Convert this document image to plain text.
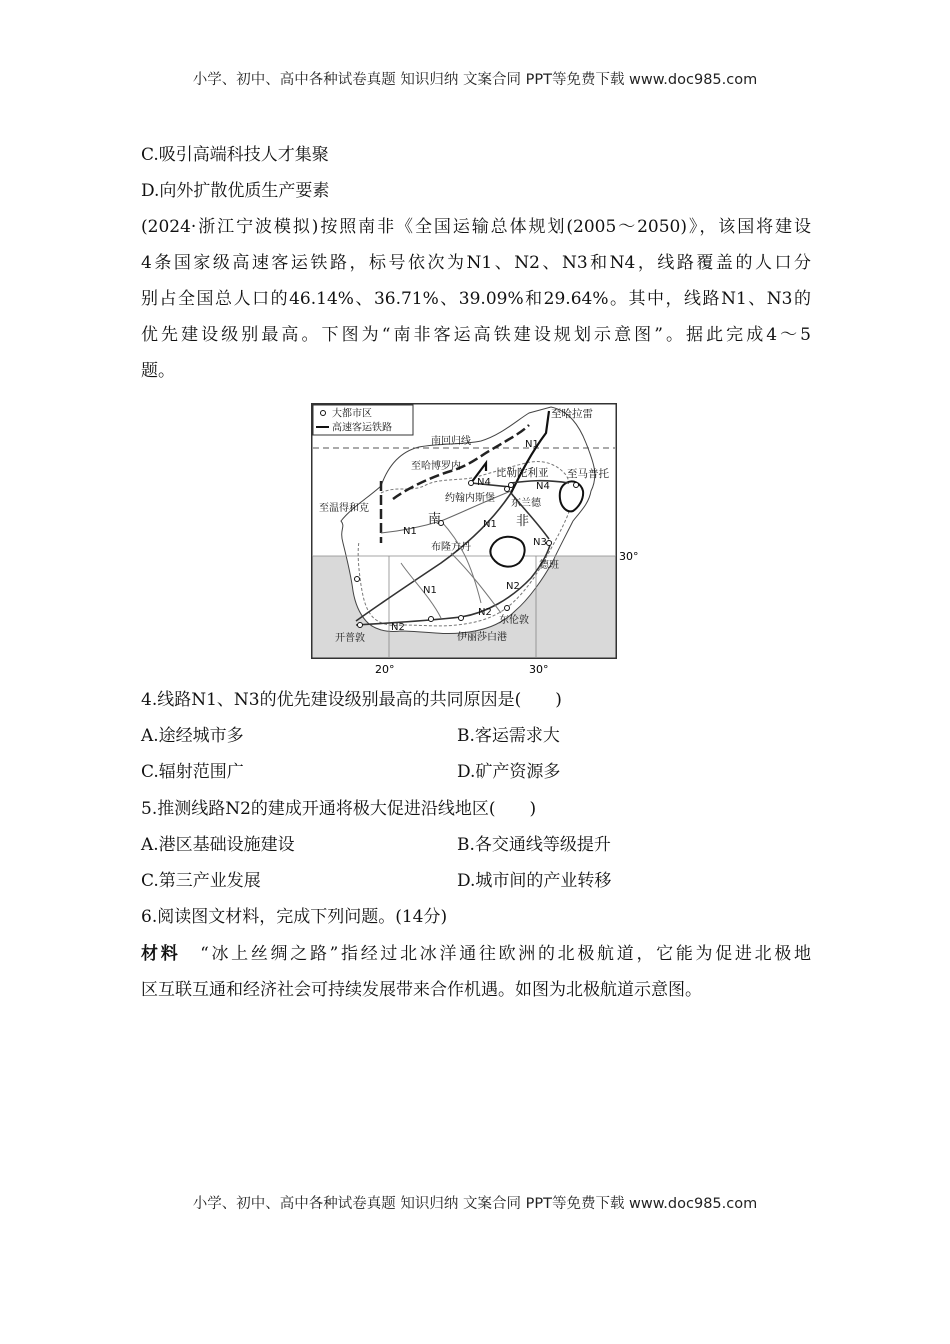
小学、初中、高中各种试卷真题 知识归纳 文案合同 PPT等免费下载 www.doc985.com
C.吸引高端科技人才集聚
D.向外扩散优质生产要素
(2024·浙江宁波模拟)按照南非《全国运输总体规划(2005～2050)》，该国将建设
4条国家级高速客运铁路，标号依次为N1、N2、N3和N4，线路覆盖的人口分
别占全国总人口的46.14%、36.71%、39.09%和29.64%。其中，线路N1、N3的
优先建设级别最高。下图为“南非客运高铁建设规划示意图”。据此完成4～5
题。
大都市区
高速客运铁路
南回归线
至哈拉雷
至哈博罗内
比勒陀利亚 至马普托
约翰内斯堡 东兰德
至温得和克
布隆方丹
德班
东伦敦
伊丽莎白港
开普敦
南	非
N1
N4	N4
N1
N1
N3
N1	N2
N2
N2
30°
20°	30°
4.线路N1、N3的优先建设级别最高的共同原因是(　　)
A.途经城市多	B.客运需求大
C.辐射范围广	D.矿产资源多
5.推测线路N2的建成开通将极大促进沿线地区(　　)
A.港区基础设施建设	B.各交通线等级提升
C.第三产业发展	D.城市间的产业转移
6.阅读图文材料，完成下列问题。(14分)
材料　 “冰上丝绸之路”指经过北冰洋通往欧洲的北极航道，它能为促进北极地
区互联互通和经济社会可持续发展带来合作机遇。如图为北极航道示意图。
小学、初中、高中各种试卷真题 知识归纳 文案合同 PPT等免费下载 www.doc985.com
